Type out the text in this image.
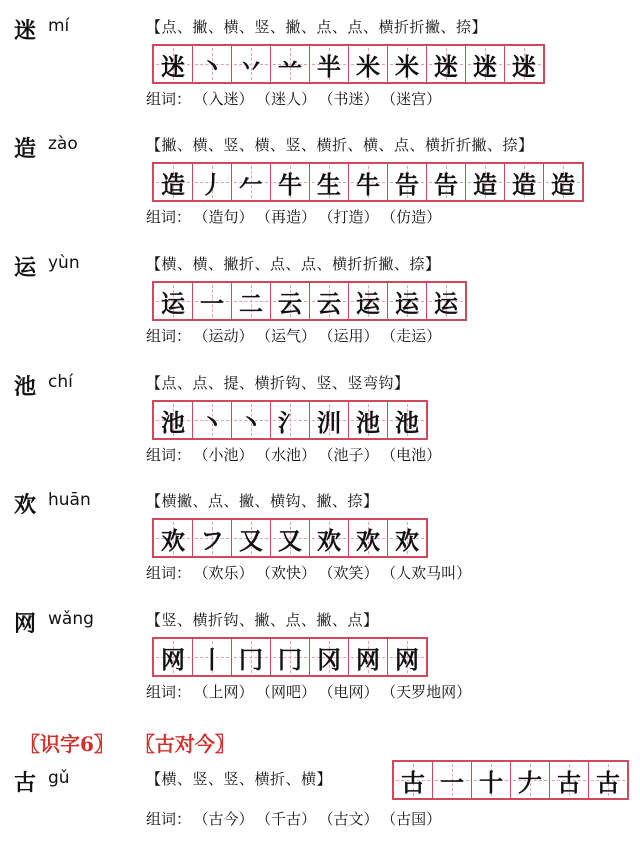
迷 mí	【点、撇、横、竖、撇、点、点、横折折撇、捺】
迷 丶 丷 䒑 半 米 米 迷 迷 迷
组词： （入迷） （迷人） （书迷） （迷宫）
造 zào	【撇、横、竖、横、竖、横折、横、点、横折折撇、捺】
造 丿 𠂉 牛 生 牛 告 告 造 造 造
组词： （造句） （再造） （打造） （仿造）
运 yùn	【横、横、撇折、点、点、横折折撇、捺】
运 一 二 云 云 运 运 运
组词： （运动） （运气） （运用） （走运）
池 chí	【点、点、提、横折钩、竖、竖弯钩】
池 丶 丶 氵 汌 池 池
组词： （小池） （水池） （池子） （电池）
欢 huān	【横撇、点、撇、横钩、撇、捺】
欢 フ 又 又 欢 欢 欢
组词： （欢乐） （欢快） （欢笑） （人欢马叫）
网 wǎng	【竖、横折钩、撇、点、撇、点】
网 丨 冂 冂 冈 网 网
组词： （上网） （网吧） （电网） （天罗地网）
〖识字6〗 〖古对今〗
古 gǔ	【横、竖、竖、横折、横】	古 一 十 𠂇 古 古
组词： （古今） （千古） （古文） （古国）
